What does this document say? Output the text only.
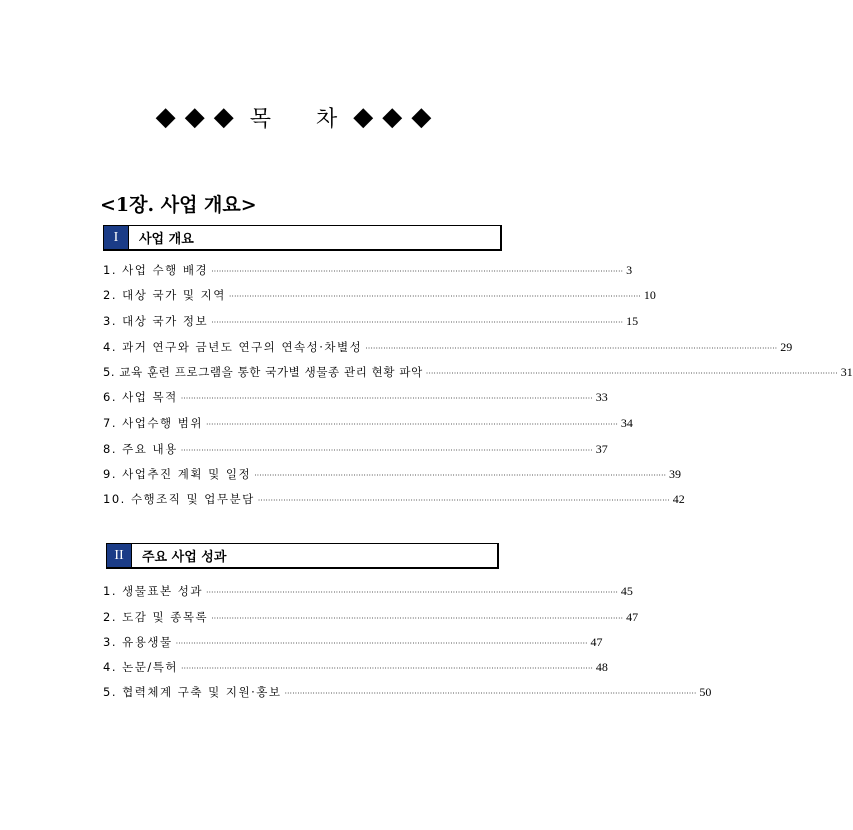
◆ ◆ ◆ 목 차 ◆ ◆ ◆
<1장. 사업 개요>
I	사업 개요
1. 사업 수행 배경 ·································································································································································· 3
2. 대상 국가 및 지역 ·································································································································································· 10
3. 대상 국가 정보 ·································································································································································· 15
4. 과거 연구와 금년도 연구의 연속성·차별성 ·································································································································································· 29
5. 교육 훈련 프로그램을 통한 국가별 생물종 관리 현황 파악 ·································································································································································· 31
6. 사업 목적 ·································································································································································· 33
7. 사업수행 범위 ·································································································································································· 34
8. 주요 내용 ·································································································································································· 37
9. 사업추진 계획 및 일정 ·································································································································································· 39
10. 수행조직 및 업무분담 ·································································································································································· 42
II	주요 사업 성과
1. 생물표본 성과 ·································································································································································· 45
2. 도감 및 종목록 ·································································································································································· 47
3. 유용생물 ·································································································································································· 47
4. 논문/특허 ·································································································································································· 48
5. 협력체계 구축 및 지원·홍보 ·································································································································································· 50
